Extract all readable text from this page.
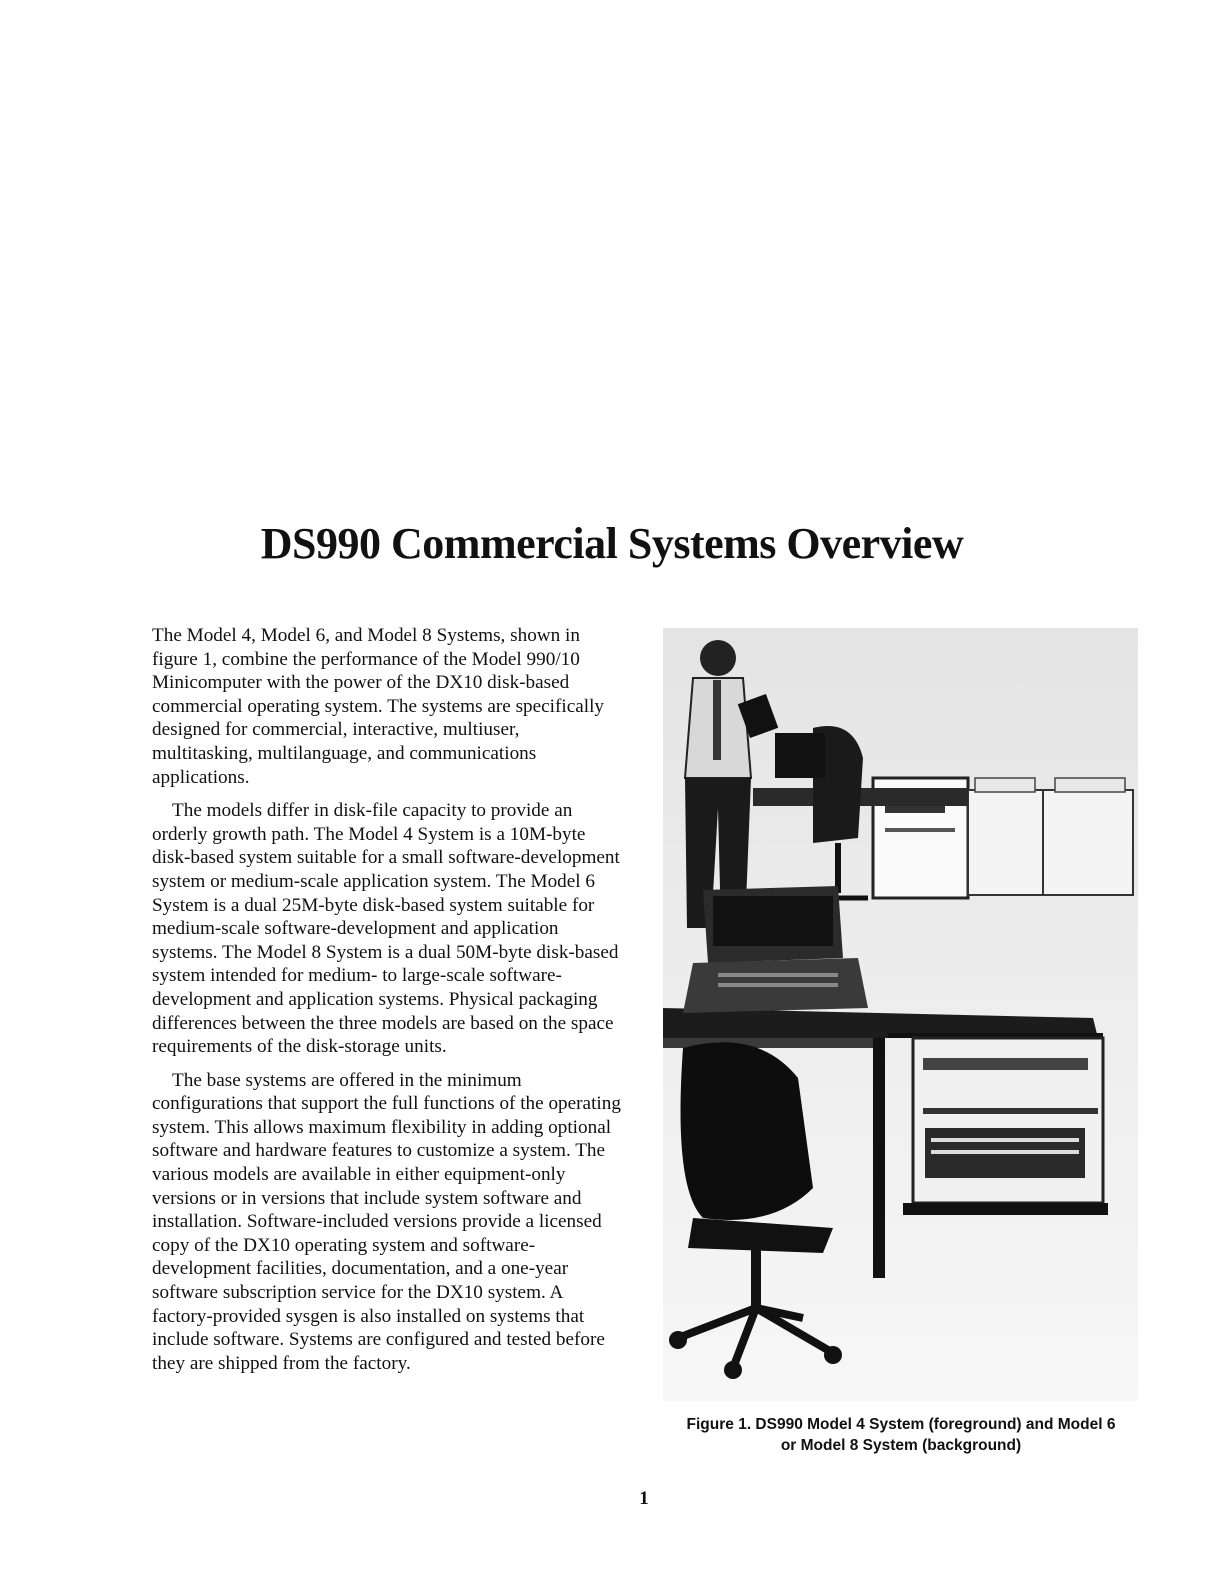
DS990 Commercial Systems Overview

The Model 4, Model 6, and Model 8 Systems, shown in figure 1, combine the performance of the Model 990/10 Minicomputer with the power of the DX10 disk-based commercial operating system. The systems are specifically designed for commercial, interactive, multiuser, multitasking, multilanguage, and communications applications.

The models differ in disk-file capacity to provide an orderly growth path. The Model 4 System is a 10M-byte disk-based system suitable for a small software-development system or medium-scale application system. The Model 6 System is a dual 25M-byte disk-based system suitable for medium-scale software-development and application systems. The Model 8 System is a dual 50M-byte disk-based system intended for medium- to large-scale software-development and application systems. Physical packaging differences between the three models are based on the space requirements of the disk-storage units.

The base systems are offered in the minimum configurations that support the full functions of the operating system. This allows maximum flexibility in adding optional software and hardware features to customize a system. The various models are available in either equipment-only versions or in versions that include system software and installation. Software-included versions provide a licensed copy of the DX10 operating system and software-development facilities, documentation, and a one-year software subscription service for the DX10 system. A factory-provided sysgen is also installed on systems that include software. Systems are configured and tested before they are shipped from the factory.

Figure 1. DS990 Model 4 System (foreground) and Model 6
or Model 8 System (background)
1
